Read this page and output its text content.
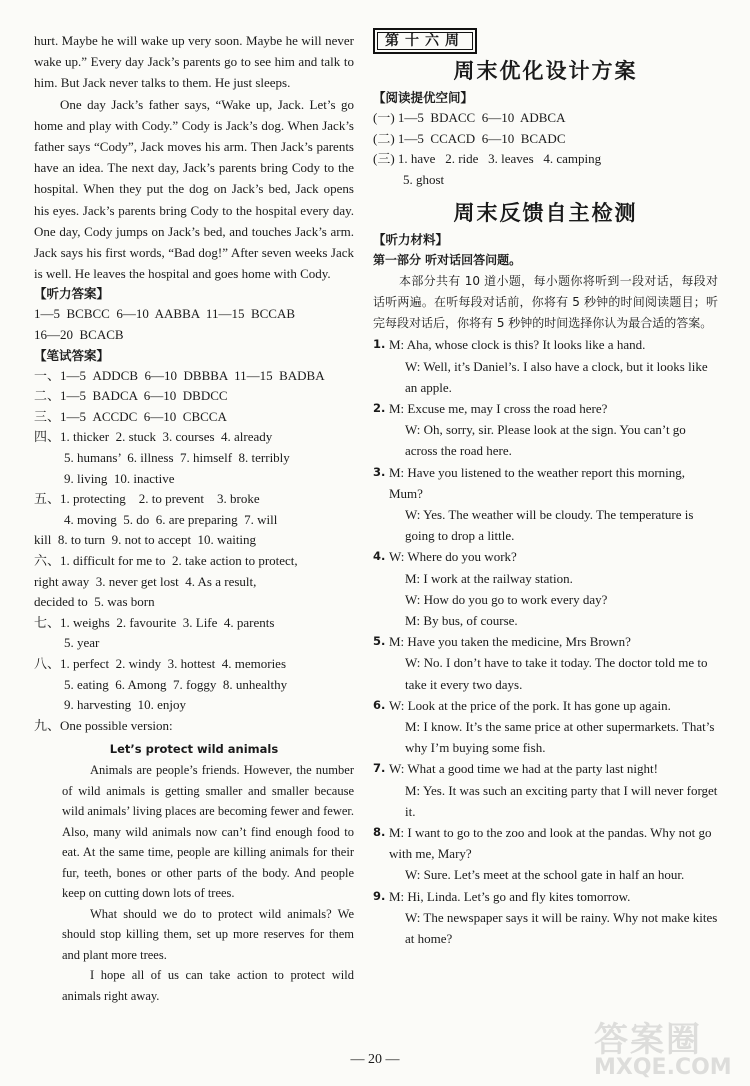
hurt. Maybe he will wake up very soon. Maybe he will never wake up.” Every day Jack’s parents go to see him and talk to him. But Jack never talks to them. He just sleeps.

One day Jack’s father says, “Wake up, Jack. Let’s go home and play with Cody.” Cody is Jack’s dog. When Jack’s father says “Cody”, Jack moves his arm. Then Jack’s parents have an idea. The next day, Jack’s parents bring Cody to the hospital. When they put the dog on Jack’s bed, Jack opens his eyes. Jack’s parents bring Cody to the hospital every day. One day, Cody jumps on Jack’s bed, and touches Jack’s arm. Jack says his first words, “Bad dog!” After seven weeks Jack is well. He leaves the hospital and goes home with Cody.

【听力答案】
1—5  BCBCC  6—10  AABBA  11—15  BCCAB
16—20  BCACB
【笔试答案】
一、1—5  ADDCB  6—10  DBBBA  11—15  BADBA
二、1—5  BADCA  6—10  DBDCC
三、1—5  ACCDC  6—10  CBCCA
四、1. thicker  2. stuck  3. courses  4. already
5. humans’  6. illness  7. himself  8. terribly
9. living  10. inactive
五、1. protecting    2. to prevent    3. broke
4. moving  5. do  6. are preparing  7. will
kill  8. to turn  9. not to accept  10. waiting
六、1. difficult for me to  2. take action to protect,
right away  3. never get lost  4. As a result,
decided to  5. was born
七、1. weighs  2. favourite  3. Life  4. parents
5. year
八、1. perfect  2. windy  3. hottest  4. memories
5. eating  6. Among  7. foggy  8. unhealthy
9. harvesting  10. enjoy
九、One possible version:
Let’s protect wild animals

Animals are people’s friends. However, the number of wild animals is getting smaller and smaller because wild animals’ living places are becoming fewer and fewer. Also, many wild animals now can’t find enough food to eat. At the same time, people are killing animals for their fur, teeth, bones or other parts of the body. And people keep on cutting down lots of trees.

What should we do to protect wild animals? We should stop killing them, set up more reserves for them and plant more trees.

I hope all of us can take action to protect wild animals right away.

第十六周
周末优化设计方案
【阅读提优空间】
(一) 1—5  BDACC  6—10  ADBCA
(二) 1—5  CCACD  6—10  BCADC
(三) 1. have   2. ride   3. leaves   4. camping
5. ghost
周末反馈自主检测
【听力材料】
第一部分 听对话回答问题。

本部分共有 10 道小题，每小题你将听到一段对话，每段对话听两遍。在听每段对话前，你将有 5 秒钟的时间阅读题目；听完每段对话后，你将有 5 秒钟的时间选择你认为最合适的答案。

1. M: Aha, whose clock is this? It looks like a hand.
W: Well, it’s Daniel’s. I also have a clock, but it looks like an apple.
2. M: Excuse me, may I cross the road here?
W: Oh, sorry, sir. Please look at the sign. You can’t go across the road here.
3. M: Have you listened to the weather report this morning, Mum?
W: Yes. The weather will be cloudy. The temperature is going to drop a little.
4. W: Where do you work?
M: I work at the railway station.
W: How do you go to work every day?
M: By bus, of course.
5. M: Have you taken the medicine, Mrs Brown?
W: No. I don’t have to take it today. The doctor told me to take it every two days.
6. W: Look at the price of the pork. It has gone up again.
M: I know. It’s the same price at other supermarkets. That’s why I’m buying some fish.
7. W: What a good time we had at the party last night!
M: Yes. It was such an exciting party that I will never forget it.
8. M: I want to go to the zoo and look at the pandas. Why not go with me, Mary?
W: Sure. Let’s meet at the school gate in half an hour.
9. M: Hi, Linda. Let’s go and fly kites tomorrow.
W: The newspaper says it will be rainy. Why not make kites at home?
— 20 —	答案圈
MXQE.COM
